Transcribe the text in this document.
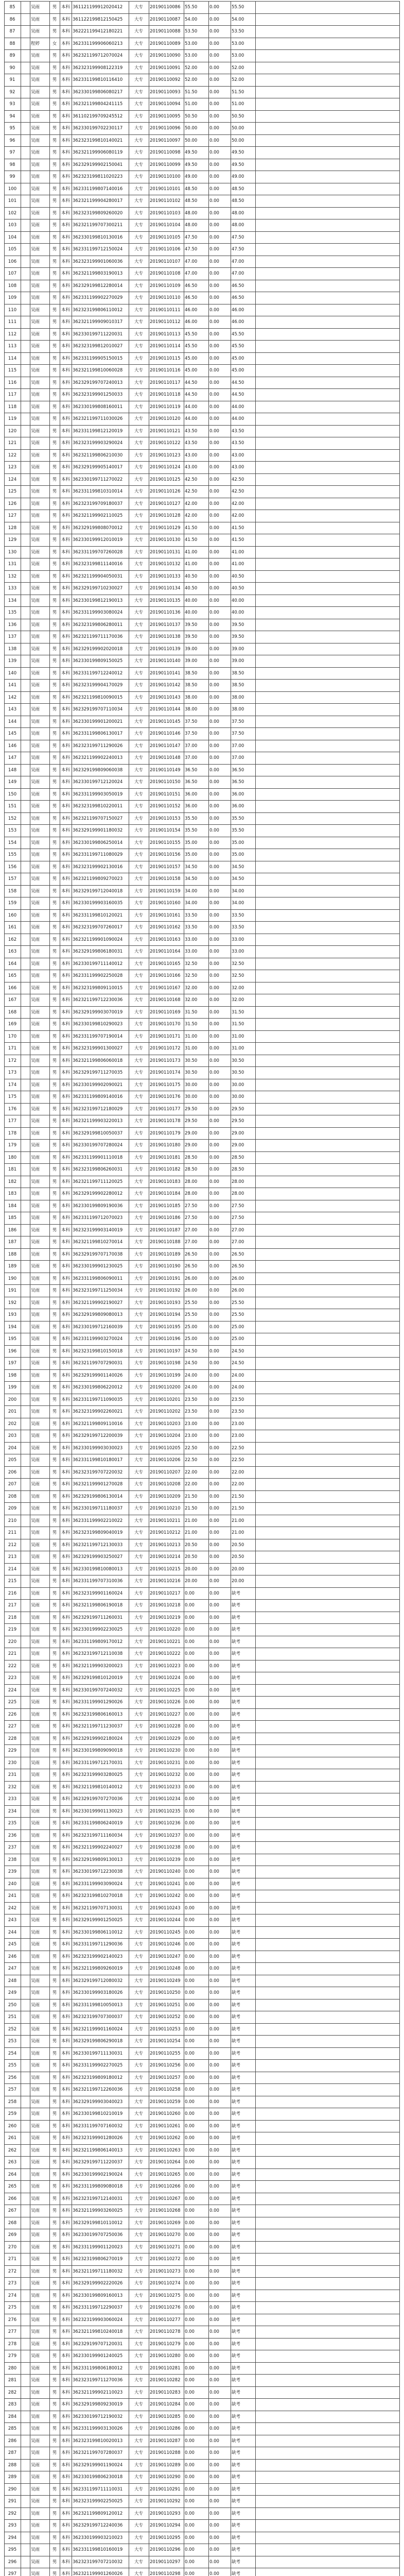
85	吴雨	男	本科 361121199912020412	大专	20190110086	55.50	0.00	55.50
86	吴雨	男	本科 361122199812150425	大专	20190110087	54.00	0.00	54.00
87	吴雨	男	本科 362221199412180221	大专	20190110088	53.50	0.00	53.50
88	程婷	女	本科 362331199906060213	大专	20190110089	53.00	0.00	53.00
89	吴雨	男	本科 362321199712070024	大专	20190110090	53.00	0.00	53.00
90	吴雨	男	本科 362323199908122319	大专	20190110091	52.00	0.00	52.00
91	吴雨	男	本科 362331199810116410	大专	20190110092	52.00	0.00	52.00
92	吴雨	男	本科 362330199806080217	大专	20190110093	51.50	0.00	51.50
93	吴雨	男	本科 362321199804241115	大专	20190110094	51.00	0.00	51.00
94	吴雨	男	本科 361102199709245512	大专	20190110095	50.50	0.00	50.50
95	吴雨	男	本科 362330199702230117	大专	20190110096	50.00	0.00	50.00
96	吴雨	男	本科 362323199810140021	大专	20190110097	50.00	0.00	50.00
97	吴雨	男	本科 362321199906080119	大专	20190110098	49.50	0.00	49.50
98	吴雨	男	本科 362329199902150041	大专	20190110099	49.50	0.00	49.50
99	吴雨	男	本科 362323199811020223	大专	20190110100	49.00	0.00	49.00
100	吴雨	男	本科 362331199807140016	大专	20190110101	48.50	0.00	48.50
101	吴雨	男	本科 362321199904280017	大专	20190110102	48.50	0.00	48.50
102	吴雨	男	本科 362323199809260020	大专	20190110103	48.00	0.00	48.00
103	吴雨	男	本科 362321199707300211	大专	20190110104	48.00	0.00	48.00
104	吴雨	男	本科 362330199810130016	大专	20190110105	47.50	0.00	47.50
105	吴雨	男	本科 362331199712150024	大专	20190110106	47.50	0.00	47.50
106	吴雨	男	本科 362323199901060036	大专	20190110107	47.00	0.00	47.00
107	吴雨	男	本科 362321199803190013	大专	20190110108	47.00	0.00	47.00
108	吴雨	男	本科 362329199812280014	大专	20190110109	46.50	0.00	46.50
109	吴雨	男	本科 362331199902270029	大专	20190110110	46.50	0.00	46.50
110	吴雨	男	本科 362323199806110012	大专	20190110111	46.00	0.00	46.00
111	吴雨	男	本科 362321199909010317	大专	20190110112	46.00	0.00	46.00
112	吴雨	男	本科 362330199711220031	大专	20190110113	45.50	0.00	45.50
113	吴雨	男	本科 362323199812010027	大专	20190110114	45.50	0.00	45.50
114	吴雨	男	本科 362331199905150015	大专	20190110115	45.00	0.00	45.00
115	吴雨	男	本科 362321199810060028	大专	20190110116	45.00	0.00	45.00
116	吴雨	男	本科 362329199707240013	大专	20190110117	44.50	0.00	44.50
117	吴雨	男	本科 362323199901250033	大专	20190110118	44.50	0.00	44.50
118	吴雨	男	本科 362330199808160011	大专	20190110119	44.00	0.00	44.00
119	吴雨	男	本科 362321199711030026	大专	20190110120	44.00	0.00	44.00
120	吴雨	男	本科 362331199812120019	大专	20190110121	43.50	0.00	43.50
121	吴雨	男	本科 362323199903290024	大专	20190110122	43.50	0.00	43.50
122	吴雨	男	本科 362321199806210030	大专	20190110123	43.00	0.00	43.00
123	吴雨	男	本科 362329199905140017	大专	20190110124	43.00	0.00	43.00
124	吴雨	男	本科 362330199711270022	大专	20190110125	42.50	0.00	42.50
125	吴雨	男	本科 362331199810310014	大专	20190110126	42.50	0.00	42.50
126	吴雨	男	本科 362323199709180037	大专	20190110127	42.00	0.00	42.00
127	吴雨	男	本科 362321199902110025	大专	20190110128	42.00	0.00	42.00
128	吴雨	男	本科 362329199808070012	大专	20190110129	41.50	0.00	41.50
129	吴雨	男	本科 362330199912010019	大专	20190110130	41.50	0.00	41.50
130	吴雨	男	本科 362331199707260028	大专	20190110131	41.00	0.00	41.00
131	吴雨	男	本科 362323199811140016	大专	20190110132	41.00	0.00	41.00
132	吴雨	男	本科 362321199904050031	大专	20190110133	40.50	0.00	40.50
133	吴雨	男	本科 362329199710230027	大专	20190110134	40.50	0.00	40.50
134	吴雨	男	本科 362330199812190013	大专	20190110135	40.00	0.00	40.00
135	吴雨	男	本科 362331199903080024	大专	20190110136	40.00	0.00	40.00
136	吴雨	男	本科 362323199806280011	大专	20190110137	39.50	0.00	39.50
137	吴雨	男	本科 362321199711170036	大专	20190110138	39.50	0.00	39.50
138	吴雨	男	本科 362329199902020018	大专	20190110139	39.00	0.00	39.00
139	吴雨	男	本科 362330199809150025	大专	20190110140	39.00	0.00	39.00
140	吴雨	男	本科 362331199712240012	大专	20190110141	38.50	0.00	38.50
141	吴雨	男	本科 362323199904170029	大专	20190110142	38.50	0.00	38.50
142	吴雨	男	本科 362321199810090015	大专	20190110143	38.00	0.00	38.00
143	吴雨	男	本科 362329199707110034	大专	20190110144	38.00	0.00	38.00
144	吴雨	男	本科 362330199901200021	大专	20190110145	37.50	0.00	37.50
145	吴雨	男	本科 362331199806130017	大专	20190110146	37.50	0.00	37.50
146	吴雨	男	本科 362323199711290026	大专	20190110147	37.00	0.00	37.00
147	吴雨	男	本科 362321199902240013	大专	20190110148	37.00	0.00	37.00
148	吴雨	男	本科 362329199809060038	大专	20190110149	36.50	0.00	36.50
149	吴雨	男	本科 362330199712120024	大专	20190110150	36.50	0.00	36.50
150	吴雨	男	本科 362331199903050019	大专	20190110151	36.00	0.00	36.00
151	吴雨	男	本科 362323199810220011	大专	20190110152	36.00	0.00	36.00
152	吴雨	男	本科 362321199707150027	大专	20190110153	35.50	0.00	35.50
153	吴雨	男	本科 362329199901180032	大专	20190110154	35.50	0.00	35.50
154	吴雨	男	本科 362330199806250014	大专	20190110155	35.00	0.00	35.00
155	吴雨	男	本科 362331199711080029	大专	20190110156	35.00	0.00	35.00
156	吴雨	男	本科 362323199902130016	大专	20190110157	34.50	0.00	34.50
157	吴雨	男	本科 362321199809270023	大专	20190110158	34.50	0.00	34.50
158	吴雨	男	本科 362329199712040018	大专	20190110159	34.00	0.00	34.00
159	吴雨	男	本科 362330199903160035	大专	20190110160	34.00	0.00	34.00
160	吴雨	男	本科 362331199810120021	大专	20190110161	33.50	0.00	33.50
161	吴雨	男	本科 362323199707260017	大专	20190110162	33.50	0.00	33.50
162	吴雨	男	本科 362321199901090024	大专	20190110163	33.00	0.00	33.00
163	吴雨	男	本科 362329199806180031	大专	20190110164	33.00	0.00	33.00
164	吴雨	男	本科 362330199711140012	大专	20190110165	32.50	0.00	32.50
165	吴雨	男	本科 362331199902250028	大专	20190110166	32.50	0.00	32.50
166	吴雨	男	本科 362323199809110015	大专	20190110167	32.00	0.00	32.00
167	吴雨	男	本科 362321199712230036	大专	20190110168	32.00	0.00	32.00
168	吴雨	男	本科 362329199903070019	大专	20190110169	31.50	0.00	31.50
169	吴雨	男	本科 362330199810290023	大专	20190110170	31.50	0.00	31.50
170	吴雨	男	本科 362331199707190014	大专	20190110171	31.00	0.00	31.00
171	吴雨	男	本科 362323199901300027	大专	20190110172	31.00	0.00	31.00
172	吴雨	男	本科 362321199806060018	大专	20190110173	30.50	0.00	30.50
173	吴雨	男	本科 362329199711270035	大专	20190110174	30.50	0.00	30.50
174	吴雨	男	本科 362330199902090021	大专	20190110175	30.00	0.00	30.00
175	吴雨	男	本科 362331199809140016	大专	20190110176	30.00	0.00	30.00
176	吴雨	男	本科 362323199712180029	大专	20190110177	29.50	0.00	29.50
177	吴雨	男	本科 362321199903220013	大专	20190110178	29.50	0.00	29.50
178	吴雨	男	本科 362329199810050037	大专	20190110179	29.00	0.00	29.00
179	吴雨	男	本科 362330199707280024	大专	20190110180	29.00	0.00	29.00
180	吴雨	男	本科 362331199901110018	大专	20190110181	28.50	0.00	28.50
181	吴雨	男	本科 362323199806260031	大专	20190110182	28.50	0.00	28.50
182	吴雨	男	本科 362321199711120025	大专	20190110183	28.00	0.00	28.00
183	吴雨	男	本科 362329199902280012	大专	20190110184	28.00	0.00	28.00
184	吴雨	男	本科 362330199809190036	大专	20190110185	27.50	0.00	27.50
185	吴雨	男	本科 362331199712070023	大专	20190110186	27.50	0.00	27.50
186	吴雨	男	本科 362323199903140019	大专	20190110187	27.00	0.00	27.00
187	吴雨	男	本科 362321199810270014	大专	20190110188	27.00	0.00	27.00
188	吴雨	男	本科 362329199707170038	大专	20190110189	26.50	0.00	26.50
189	吴雨	男	本科 362330199901230025	大专	20190110190	26.50	0.00	26.50
190	吴雨	男	本科 362331199806090011	大专	20190110191	26.00	0.00	26.00
191	吴雨	男	本科 362323199711250034	大专	20190110192	26.00	0.00	26.00
192	吴雨	男	本科 362321199902190027	大专	20190110193	25.50	0.00	25.50
193	吴雨	男	本科 362329199809080013	大专	20190110194	25.50	0.00	25.50
194	吴雨	男	本科 362330199712160039	大专	20190110195	25.00	0.00	25.00
195	吴雨	男	本科 362331199903270024	大专	20190110196	25.00	0.00	25.00
196	吴雨	男	本科 362323199810150018	大专	20190110197	24.50	0.00	24.50
197	吴雨	男	本科 362321199707290031	大专	20190110198	24.50	0.00	24.50
198	吴雨	男	本科 362329199901140026	大专	20190110199	24.00	0.00	24.00
199	吴雨	男	本科 362330199806220012	大专	20190110200	24.00	0.00	24.00
200	吴雨	男	本科 362331199711090035	大专	20190110201	23.50	0.00	23.50
201	吴雨	男	本科 362323199902260021	大专	20190110202	23.50	0.00	23.50
202	吴雨	男	本科 362321199809110016	大专	20190110203	23.00	0.00	23.00
203	吴雨	男	本科 362329199712200039	大专	20190110204	23.00	0.00	23.00
204	吴雨	男	本科 362330199903030023	大专	20190110205	22.50	0.00	22.50
205	吴雨	男	本科 362331199810180017	大专	20190110206	22.50	0.00	22.50
206	吴雨	男	本科 362323199707220032	大专	20190110207	22.00	0.00	22.00
207	吴雨	男	本科 362321199901270028	大专	20190110208	22.00	0.00	22.00
208	吴雨	男	本科 362329199806130014	大专	20190110209	21.50	0.00	21.50
209	吴雨	男	本科 362330199711180037	大专	20190110210	21.50	0.00	21.50
210	吴雨	男	本科 362331199902210022	大专	20190110211	21.00	0.00	21.00
211	吴雨	男	本科 362323199809040019	大专	20190110212	21.00	0.00	21.00
212	吴雨	男	本科 362321199712130033	大专	20190110213	20.50	0.00	20.50
213	吴雨	男	本科 362329199903250027	大专	20190110214	20.50	0.00	20.50
214	吴雨	男	本科 362330199810080013	大专	20190110215	20.00	0.00	20.00
215	吴雨	男	本科 362331199707310036	大专	20190110216	20.00	0.00	20.00
216	吴雨	男	本科 362323199901160024	大专	20190110217	0.00	0.00	缺考
217	吴雨	男	本科 362321199806190018	大专	20190110218	0.00	0.00	缺考
218	吴雨	男	本科 362329199711260031	大专	20190110219	0.00	0.00	缺考
219	吴雨	男	本科 362330199902230025	大专	20190110220	0.00	0.00	缺考
220	吴雨	男	本科 362331199809170012	大专	20190110221	0.00	0.00	缺考
221	吴雨	男	本科 362323199712110038	大专	20190110222	0.00	0.00	缺考
222	吴雨	男	本科 362321199903200023	大专	20190110223	0.00	0.00	缺考
223	吴雨	男	本科 362329199810120019	大专	20190110224	0.00	0.00	缺考
224	吴雨	男	本科 362330199707240032	大专	20190110225	0.00	0.00	缺考
225	吴雨	男	本科 362331199901290026	大专	20190110226	0.00	0.00	缺考
226	吴雨	男	本科 362323199806160013	大专	20190110227	0.00	0.00	缺考
227	吴雨	男	本科 362321199711230037	大专	20190110228	0.00	0.00	缺考
228	吴雨	男	本科 362329199902180024	大专	20190110229	0.00	0.00	缺考
229	吴雨	男	本科 362330199809090018	大专	20190110230	0.00	0.00	缺考
230	吴雨	男	本科 362331199712170031	大专	20190110231	0.00	0.00	缺考
231	吴雨	男	本科 362323199903280025	大专	20190110232	0.00	0.00	缺考
232	吴雨	男	本科 362321199810140012	大专	20190110233	0.00	0.00	缺考
233	吴雨	男	本科 362329199707270036	大专	20190110234	0.00	0.00	缺考
234	吴雨	男	本科 362330199901130023	大专	20190110235	0.00	0.00	缺考
235	吴雨	男	本科 362331199806240019	大专	20190110236	0.00	0.00	缺考
236	吴雨	男	本科 362323199711160034	大专	20190110237	0.00	0.00	缺考
237	吴雨	男	本科 362321199902240027	大专	20190110238	0.00	0.00	缺考
238	吴雨	男	本科 362329199809130013	大专	20190110239	0.00	0.00	缺考
239	吴雨	男	本科 362330199712230038	大专	20190110240	0.00	0.00	缺考
240	吴雨	男	本科 362331199903090024	大专	20190110241	0.00	0.00	缺考
241	吴雨	男	本科 362323199810270018	大专	20190110242	0.00	0.00	缺考
242	吴雨	男	本科 362321199707130031	大专	20190110243	0.00	0.00	缺考
243	吴雨	男	本科 362329199901250025	大专	20190110244	0.00	0.00	缺考
244	吴雨	男	本科 362330199806110012	大专	20190110245	0.00	0.00	缺考
245	吴雨	男	本科 362331199711290036	大专	20190110246	0.00	0.00	缺考
246	吴雨	男	本科 362323199902140023	大专	20190110247	0.00	0.00	缺考
247	吴雨	男	本科 362321199809260019	大专	20190110248	0.00	0.00	缺考
248	吴雨	男	本科 362329199712080032	大专	20190110249	0.00	0.00	缺考
249	吴雨	男	本科 362330199903180026	大专	20190110250	0.00	0.00	缺考
250	吴雨	男	本科 362331199810050013	大专	20190110251	0.00	0.00	缺考
251	吴雨	男	本科 362323199707300037	大专	20190110252	0.00	0.00	缺考
252	吴雨	男	本科 362321199901160024	大专	20190110253	0.00	0.00	缺考
253	吴雨	男	本科 362329199806290018	大专	20190110254	0.00	0.00	缺考
254	吴雨	男	本科 362330199711130031	大专	20190110255	0.00	0.00	缺考
255	吴雨	男	本科 362331199902270025	大专	20190110256	0.00	0.00	缺考
256	吴雨	男	本科 362323199809180012	大专	20190110257	0.00	0.00	缺考
257	吴雨	男	本科 362321199712260036	大专	20190110258	0.00	0.00	缺考
258	吴雨	男	本科 362329199903040023	大专	20190110259	0.00	0.00	缺考
259	吴雨	男	本科 362330199810210019	大专	20190110260	0.00	0.00	缺考
260	吴雨	男	本科 362331199707160032	大专	20190110261	0.00	0.00	缺考
261	吴雨	男	本科 362323199901280026	大专	20190110262	0.00	0.00	缺考
262	吴雨	男	本科 362321199806140013	大专	20190110263	0.00	0.00	缺考
263	吴雨	男	本科 362329199711220037	大专	20190110264	0.00	0.00	缺考
264	吴雨	男	本科 362330199902190024	大专	20190110265	0.00	0.00	缺考
265	吴雨	男	本科 362331199809080018	大专	20190110266	0.00	0.00	缺考
266	吴雨	男	本科 362323199712140031	大专	20190110267	0.00	0.00	缺考
267	吴雨	男	本科 362321199903260025	大专	20190110268	0.00	0.00	缺考
268	吴雨	男	本科 362329199810110012	大专	20190110269	0.00	0.00	缺考
269	吴雨	男	本科 362330199707250036	大专	20190110270	0.00	0.00	缺考
270	吴雨	男	本科 362331199901120023	大专	20190110271	0.00	0.00	缺考
271	吴雨	男	本科 362323199806270019	大专	20190110272	0.00	0.00	缺考
272	吴雨	男	本科 362321199711180032	大专	20190110273	0.00	0.00	缺考
273	吴雨	男	本科 362329199902220026	大专	20190110274	0.00	0.00	缺考
274	吴雨	男	本科 362330199809160013	大专	20190110275	0.00	0.00	缺考
275	吴雨	男	本科 362331199712290037	大专	20190110276	0.00	0.00	缺考
276	吴雨	男	本科 362323199903060024	大专	20190110277	0.00	0.00	缺考
277	吴雨	男	本科 362321199810240018	大专	20190110278	0.00	0.00	缺考
278	吴雨	男	本科 362329199707120031	大专	20190110279	0.00	0.00	缺考
279	吴雨	男	本科 362330199901240025	大专	20190110280	0.00	0.00	缺考
280	吴雨	男	本科 362331199806180012	大专	20190110281	0.00	0.00	缺考
281	吴雨	男	本科 362323199711270036	大专	20190110282	0.00	0.00	缺考
282	吴雨	男	本科 362321199902110023	大专	20190110283	0.00	0.00	缺考
283	吴雨	男	本科 362329199809230019	大专	20190110284	0.00	0.00	缺考
284	吴雨	男	本科 362330199712190032	大专	20190110285	0.00	0.00	缺考
285	吴雨	男	本科 362331199903130026	大专	20190110286	0.00	0.00	缺考
286	吴雨	男	本科 362323199810020013	大专	20190110287	0.00	0.00	缺考
287	吴雨	男	本科 362321199707280037	大专	20190110288	0.00	0.00	缺考
288	吴雨	男	本科 362329199901190024	大专	20190110289	0.00	0.00	缺考
289	吴雨	男	本科 362330199806230018	大专	20190110290	0.00	0.00	缺考
290	吴雨	男	本科 362331199711110031	大专	20190110291	0.00	0.00	缺考
291	吴雨	男	本科 362323199902250025	大专	20190110292	0.00	0.00	缺考
292	吴雨	男	本科 362321199809120012	大专	20190110293	0.00	0.00	缺考
293	吴雨	男	本科 362329199712240036	大专	20190110294	0.00	0.00	缺考
294	吴雨	男	本科 362330199903210023	大专	20190110295	0.00	0.00	缺考
295	吴雨	男	本科 362331199810160019	大专	20190110296	0.00	0.00	缺考
296	吴雨	男	本科 362323199707210032	大专	20190110297	0.00	0.00	缺考
297	吴雨	男	本科 362321199901260026	大专	20190110298	0.00	0.00	缺考
